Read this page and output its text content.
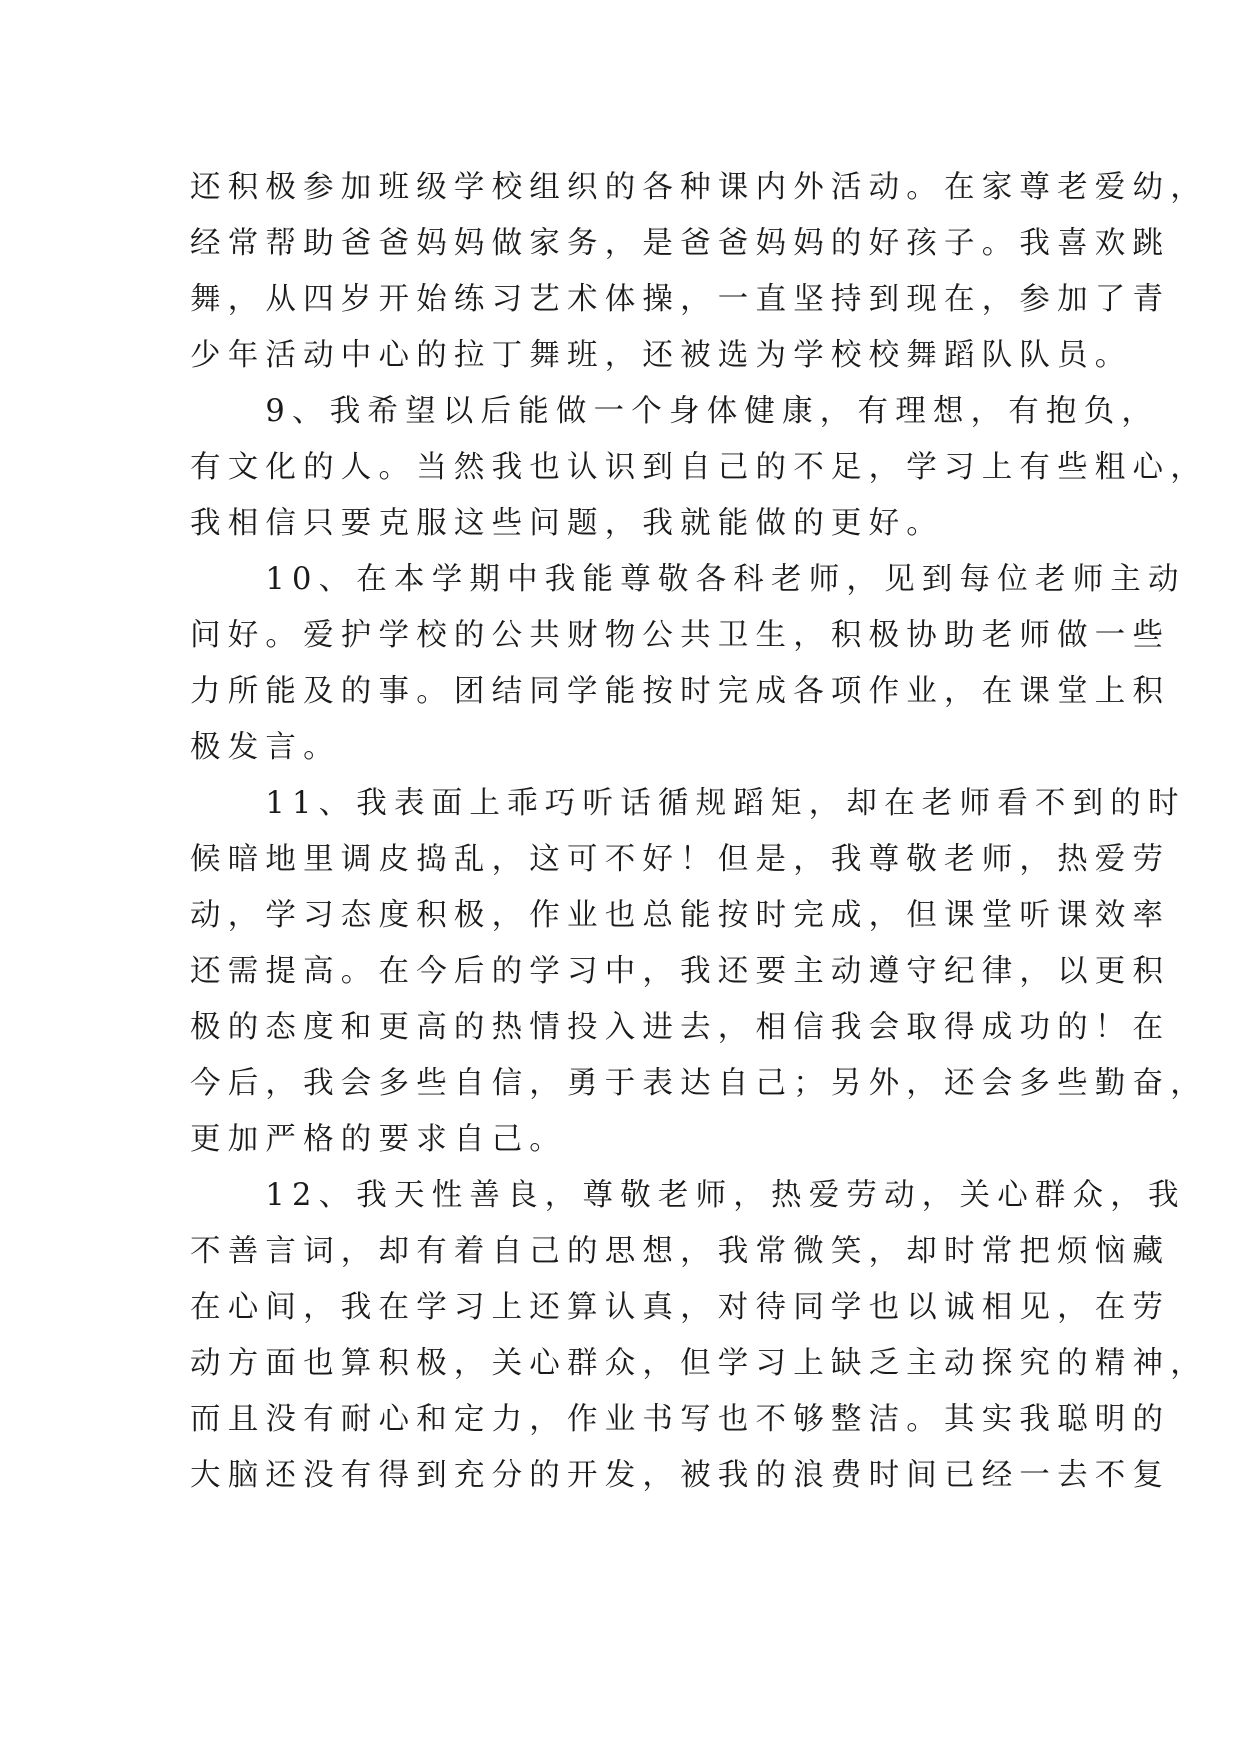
还积极参加班级学校组织的各种课内外活动。在家尊老爱幼，
经常帮助爸爸妈妈做家务，是爸爸妈妈的好孩子。我喜欢跳
舞，从四岁开始练习艺术体操，一直坚持到现在，参加了青
少年活动中心的拉丁舞班，还被选为学校校舞蹈队队员。
　　9、我希望以后能做一个身体健康，有理想，有抱负，
有文化的人。当然我也认识到自己的不足，学习上有些粗心，
我相信只要克服这些问题，我就能做的更好。
　　10、在本学期中我能尊敬各科老师，见到每位老师主动
问好。爱护学校的公共财物公共卫生，积极协助老师做一些
力所能及的事。团结同学能按时完成各项作业，在课堂上积
极发言。
　　11、我表面上乖巧听话循规蹈矩，却在老师看不到的时
候暗地里调皮捣乱，这可不好！但是，我尊敬老师，热爱劳
动，学习态度积极，作业也总能按时完成，但课堂听课效率
还需提高。在今后的学习中，我还要主动遵守纪律，以更积
极的态度和更高的热情投入进去，相信我会取得成功的！在
今后，我会多些自信，勇于表达自己；另外，还会多些勤奋，
更加严格的要求自己。
　　12、我天性善良，尊敬老师，热爱劳动，关心群众，我
不善言词，却有着自己的思想，我常微笑，却时常把烦恼藏
在心间，我在学习上还算认真，对待同学也以诚相见，在劳
动方面也算积极，关心群众，但学习上缺乏主动探究的精神，
而且没有耐心和定力，作业书写也不够整洁。其实我聪明的
大脑还没有得到充分的开发，被我的浪费时间已经一去不复
